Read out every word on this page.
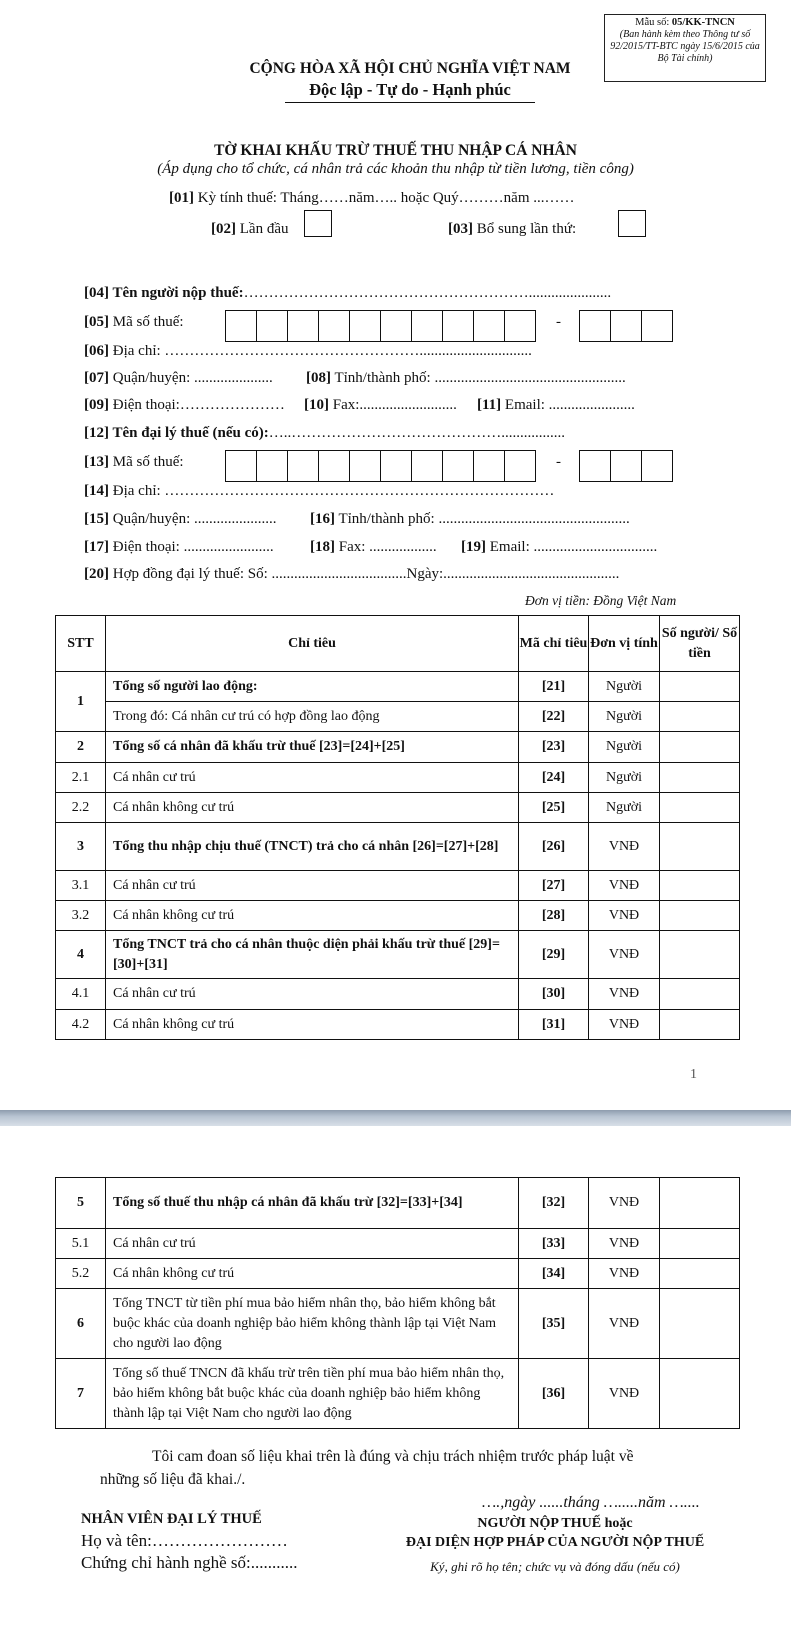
Mẫu số: 05/KK-TNCN
(Ban hành kèm theo Thông tư số 92/2015/TT-BTC ngày 15/6/2015 của Bộ Tài chính)
CỘNG HÒA XÃ HỘI CHỦ NGHĨA VIỆT NAM
Độc lập - Tự do - Hạnh phúc
TỜ KHAI KHẤU TRỪ THUẾ THU NHẬP CÁ NHÂN
(Áp dụng cho tổ chức, cá nhân trả các khoản thu nhập từ tiền lương, tiền công)
[01] Kỳ tính thuế: Tháng……năm….. hoặc Quý………năm ...……
[02] Lần đầu	[03] Bổ sung lần thứ:
[04] Tên người nộp thuế:…………………………………………………......................
[05] Mã số thuế:	-
[06] Địa chỉ: ……………………………………………..............................
[07] Quận/huyện: ..................... [08] Tỉnh/thành phố: ...................................................
[09] Điện thoại:………………… [10] Fax:.......................... [11] Email: .......................
[12] Tên đại lý thuế (nếu có):…..…………………………………….................
[13] Mã số thuế:	-
[14] Địa chỉ: ……………………………………………………………………
[15] Quận/huyện: ...................... [16] Tỉnh/thành phố: ...................................................
[17] Điện thoại: ........................ [18] Fax: .................. [19] Email: .................................
[20] Hợp đồng đại lý thuế: Số: ....................................Ngày:...............................................
Đơn vị tiền: Đồng Việt Nam
STT	Chỉ tiêu	Mã chỉ tiêu	Đơn vị tính	Số người/ Số tiền
1	Tổng số người lao động:	[21]	Người	
	Trong đó: Cá nhân cư trú có hợp đồng lao động	[22]	Người	
2	Tổng số cá nhân đã khấu trừ thuế [23]=[24]+[25]	[23]	Người	
2.1	Cá nhân cư trú	[24]	Người	
2.2	Cá nhân không cư trú	[25]	Người	
3	Tổng thu nhập chịu thuế (TNCT) trả cho cá nhân [26]=[27]+[28]	[26]	VNĐ	
3.1	Cá nhân cư trú	[27]	VNĐ	
3.2	Cá nhân không cư trú	[28]	VNĐ	
4	Tổng TNCT trả cho cá nhân thuộc diện phải khấu trừ thuế [29]=[30]+[31]	[29]	VNĐ	
4.1	Cá nhân cư trú	[30]	VNĐ	
4.2	Cá nhân không cư trú	[31]	VNĐ	
1
5	Tổng số thuế thu nhập cá nhân đã khấu trừ [32]=[33]+[34]	[32]	VNĐ	
5.1	Cá nhân cư trú	[33]	VNĐ	
5.2	Cá nhân không cư trú	[34]	VNĐ	
6	Tổng TNCT từ tiền phí mua bảo hiểm nhân thọ, bảo hiểm không bắt buộc khác của doanh nghiệp bảo hiểm không thành lập tại Việt Nam cho người lao động	[35]	VNĐ	
7	Tổng số thuế TNCN đã khấu trừ trên tiền phí mua bảo hiểm nhân thọ, bảo hiểm không bắt buộc khác của doanh nghiệp bảo hiểm không thành lập tại Việt Nam cho người lao động	[36]	VNĐ	
Tôi cam đoan số liệu khai trên là đúng và chịu trách nhiệm trước pháp luật về
những số liệu đã khai./.
….,ngày ......tháng ….....năm …....
NHÂN VIÊN ĐẠI LÝ THUẾ
Họ và tên:……………………
Chứng chỉ hành nghề số:...........
NGƯỜI NỘP THUẾ hoặc
ĐẠI DIỆN HỢP PHÁP CỦA NGƯỜI NỘP THUẾ
Ký, ghi rõ họ tên; chức vụ và đóng dấu (nếu có)
